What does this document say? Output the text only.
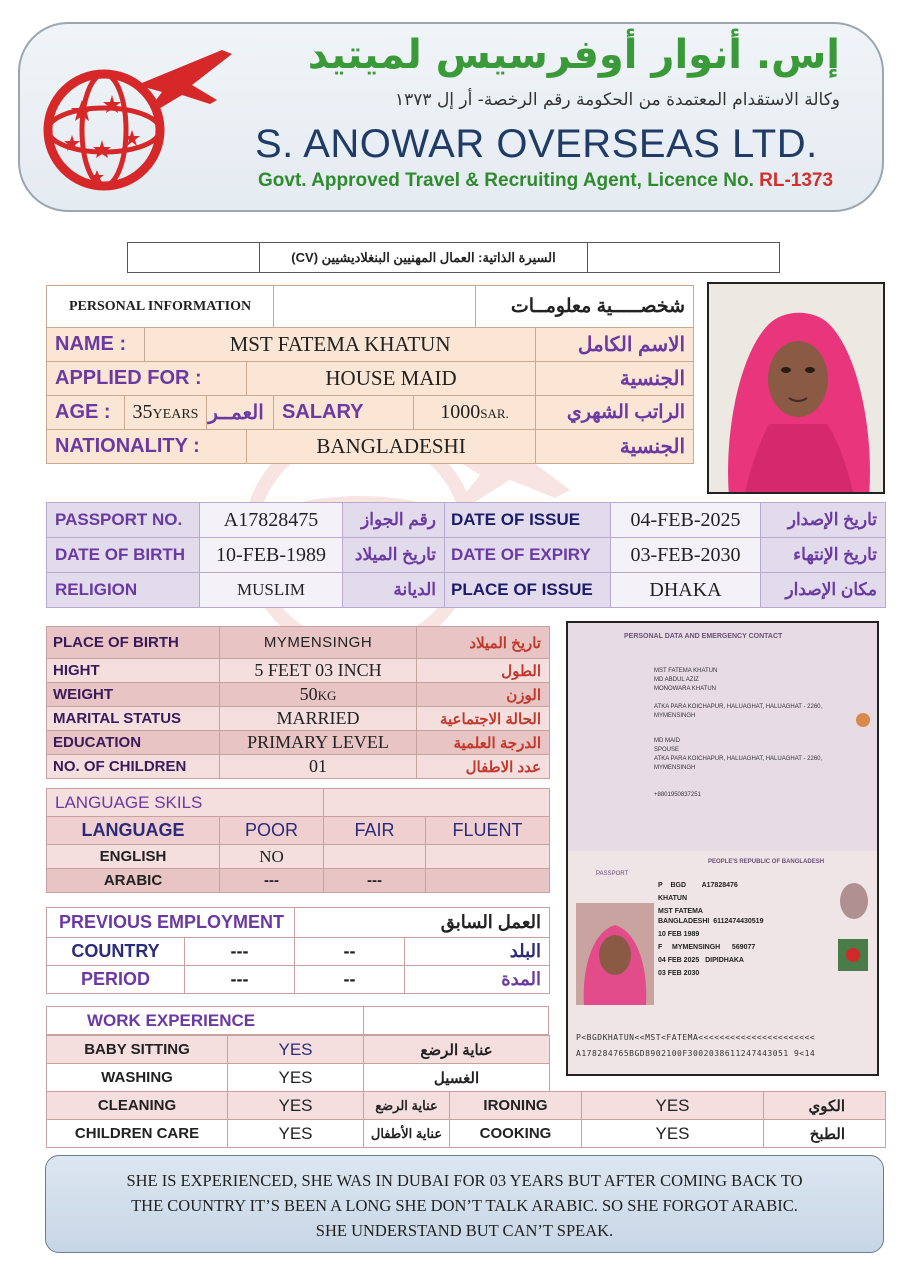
إس. أنوار أوفرسيس لميتيد
وكالة الاستقدام المعتمدة من الحكومة رقم الرخصة- أر إل ١٣٧٣
S. ANOWAR OVERSEAS LTD.
Govt. Approved Travel & Recruiting Agent, Licence No. RL-1373
	السيرة الذاتية: العمال المهنيين البنغلاديشيين (CV)	
PERSONAL INFORMATION							شخصـــــية معلومــات	
NAME :		MST FATEMA KHATUN						الاسم الكامل
APPLIED FOR :				HOUSE MAID				الجنسية
AGE :	35YEARS		العمــر		SALARY	1000SAR.		الراتب الشهري
NATIONALITY :				BANGLADESHI				الجنسية
PASSPORT NO.	A17828475	رقم الجواز	DATE OF ISSUE	04-FEB-2025	تاريخ الإصدار
DATE OF BIRTH	10-FEB-1989	تاريخ الميلاد	DATE OF EXPIRY	03-FEB-2030	تاريخ الإنتهاء
RELIGION	MUSLIM	الديانة	PLACE OF ISSUE	DHAKA	مكان الإصدار
PLACE OF BIRTH	MYMENSINGH	تاريخ الميلاد
HIGHT	5 FEET 03 INCH	الطول
WEIGHT	50KG	الوزن
MARITAL STATUS	MARRIED	الحالة الاجتماعية
EDUCATION	PRIMARY LEVEL	الدرجة العلمية
NO. OF CHILDREN	01	عدد الاطفال
LANGUAGE SKILS			
LANGUAGE	POOR	FAIR	FLUENT
ENGLISH	NO		
ARABIC	---	---	
PREVIOUS EMPLOYMENT		العمل السابق	
COUNTRY	---	--	البلد
PERIOD	---	--	المدة
WORK EXPERIENCE		
BABY SITTING	YES	عناية الرضع
WASHING	YES	الغسيل
CLEANING	YES	عناية الرضع	IRONING	YES	الكوي
CHILDREN CARE	YES	عناية الأطفال	COOKING	YES	الطبخ
PERSONAL DATA AND EMERGENCY CONTACT
MST FATEMA KHATUN
MD ABDUL AZIZ
MONOWARA KHATUN
ATKA PARA KOICHAPUR, HALUAGHAT, HALUAGHAT - 2260, MYMENSINGH
MD MAID
SPOUSE
ATKA PARA KOICHAPUR, HALUAGHAT, HALUAGHAT - 2260, MYMENSINGH
+8801950837251
PEOPLE'S REPUBLIC OF BANGLADESH
PASSPORT
P BGD A17828476
KHATUN
MST FATEMA
BANGLADESHI 6112474430519
10 FEB 1989
F MYMENSINGH 569077
04 FEB 2025 DIPIDHAKA
03 FEB 2030
P<BGDKHATUN<<MST<FATEMA<<<<<<<<<<<<<<<<<<<<<<
A178284765BGD8902100F3002038611247443051 9<14
SHE IS EXPERIENCED, SHE WAS IN DUBAI FOR 03 YEARS BUT AFTER COMING BACK TO
THE COUNTRY IT’S BEEN A LONG SHE DON’T TALK ARABIC. SO SHE FORGOT ARABIC.
SHE UNDERSTAND BUT CAN’T SPEAK.
